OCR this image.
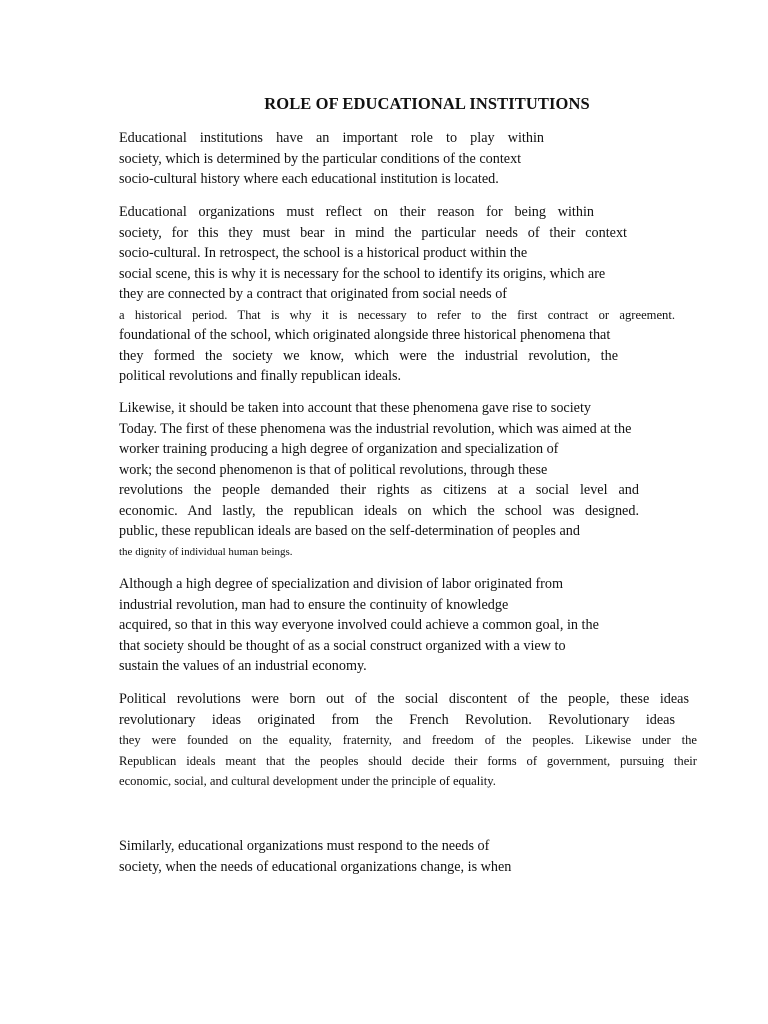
ROLE OF EDUCATIONAL INSTITUTIONS
Educational institutions have an important role to play within
society, which is determined by the particular conditions of the context
socio-cultural history where each educational institution is located.
Educational organizations must reflect on their reason for being within
society, for this they must bear in mind the particular needs of their context
socio-cultural. In retrospect, the school is a historical product within the
social scene, this is why it is necessary for the school to identify its origins, which are
they are connected by a contract that originated from social needs of
a historical period. That is why it is necessary to refer to the first contract or agreement.
foundational of the school, which originated alongside three historical phenomena that
they formed the society we know, which were the industrial revolution, the
political revolutions and finally republican ideals.
Likewise, it should be taken into account that these phenomena gave rise to society
Today. The first of these phenomena was the industrial revolution, which was aimed at the
worker training producing a high degree of organization and specialization of
work; the second phenomenon is that of political revolutions, through these
revolutions the people demanded their rights as citizens at a social level and
economic. And lastly, the republican ideals on which the school was designed.
public, these republican ideals are based on the self-determination of peoples and
the dignity of individual human beings.
Although a high degree of specialization and division of labor originated from
industrial revolution, man had to ensure the continuity of knowledge
acquired, so that in this way everyone involved could achieve a common goal, in the
that society should be thought of as a social construct organized with a view to
sustain the values of an industrial economy.
Political revolutions were born out of the social discontent of the people, these ideas
revolutionary ideas originated from the French Revolution. Revolutionary ideas
they were founded on the equality, fraternity, and freedom of the peoples. Likewise under the
Republican ideals meant that the peoples should decide their forms of government, pursuing their
economic, social, and cultural development under the principle of equality.
Similarly, educational organizations must respond to the needs of
society, when the needs of educational organizations change, is when
